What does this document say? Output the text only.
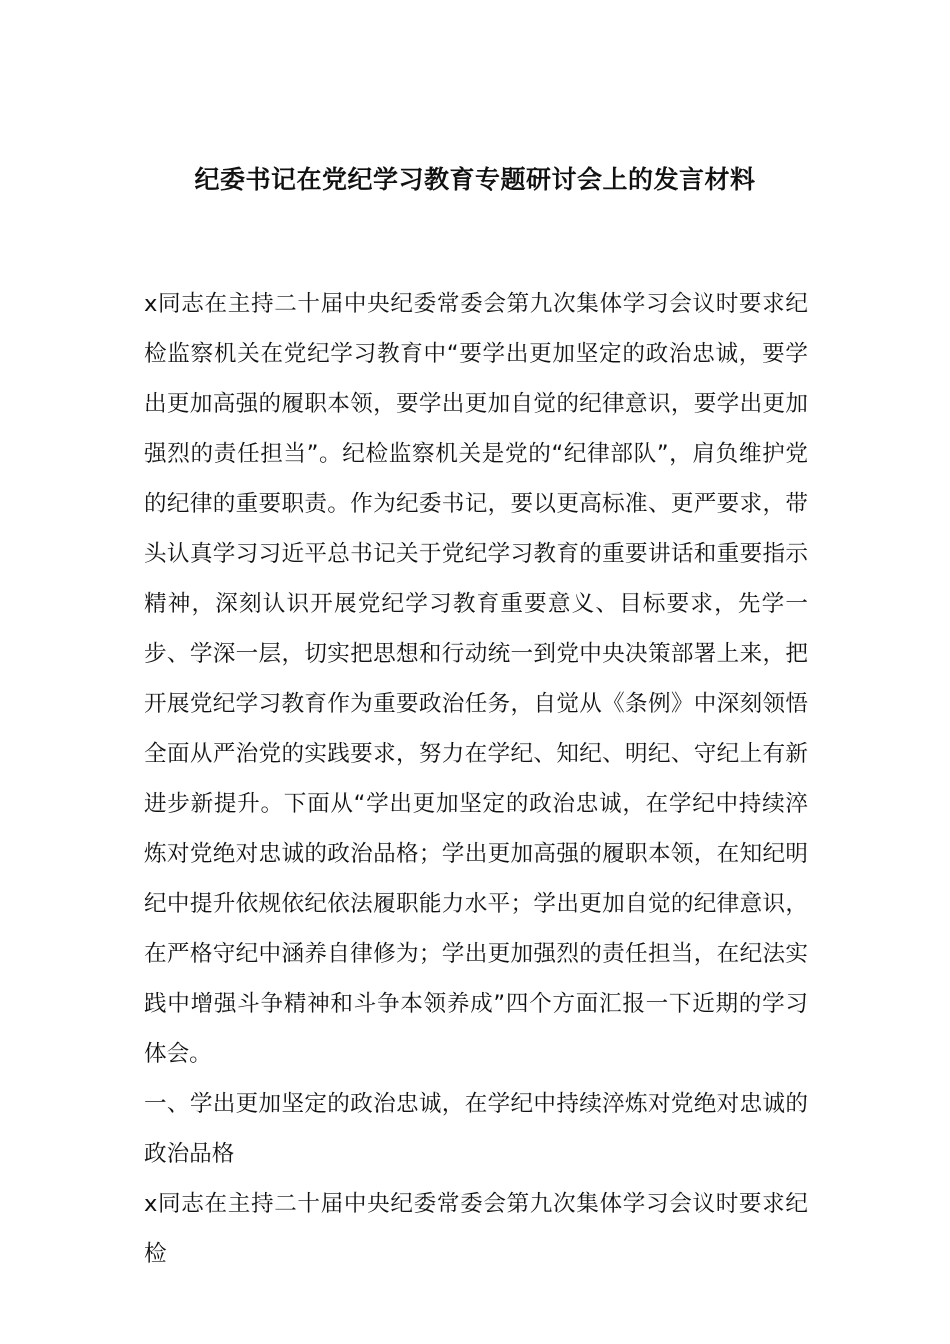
纪委书记在党纪学习教育专题研讨会上的发言材料

x同志在主持二十届中央纪委常委会第九次集体学习会议时要求纪检监察机关在党纪学习教育中“要学出更加坚定的政治忠诚，要学出更加高强的履职本领，要学出更加自觉的纪律意识，要学出更加强烈的责任担当”。纪检监察机关是党的“纪律部队”，肩负维护党的纪律的重要职责。作为纪委书记，要以更高标准、更严要求，带头认真学习习近平总书记关于党纪学习教育的重要讲话和重要指示精神，深刻认识开展党纪学习教育重要意义、目标要求，先学一步、学深一层，切实把思想和行动统一到党中央决策部署上来，把开展党纪学习教育作为重要政治任务，自觉从《条例》中深刻领悟全面从严治党的实践要求，努力在学纪、知纪、明纪、守纪上有新进步新提升。下面从“学出更加坚定的政治忠诚，在学纪中持续淬炼对党绝对忠诚的政治品格；学出更加高强的履职本领，在知纪明纪中提升依规依纪依法履职能力水平；学出更加自觉的纪律意识，在严格守纪中涵养自律修为；学出更加强烈的责任担当，在纪法实践中增强斗争精神和斗争本领养成”四个方面汇报一下近期的学习体会。

一、学出更加坚定的政治忠诚，在学纪中持续淬炼对党绝对忠诚的政治品格

x同志在主持二十届中央纪委常委会第九次集体学习会议时要求纪检
